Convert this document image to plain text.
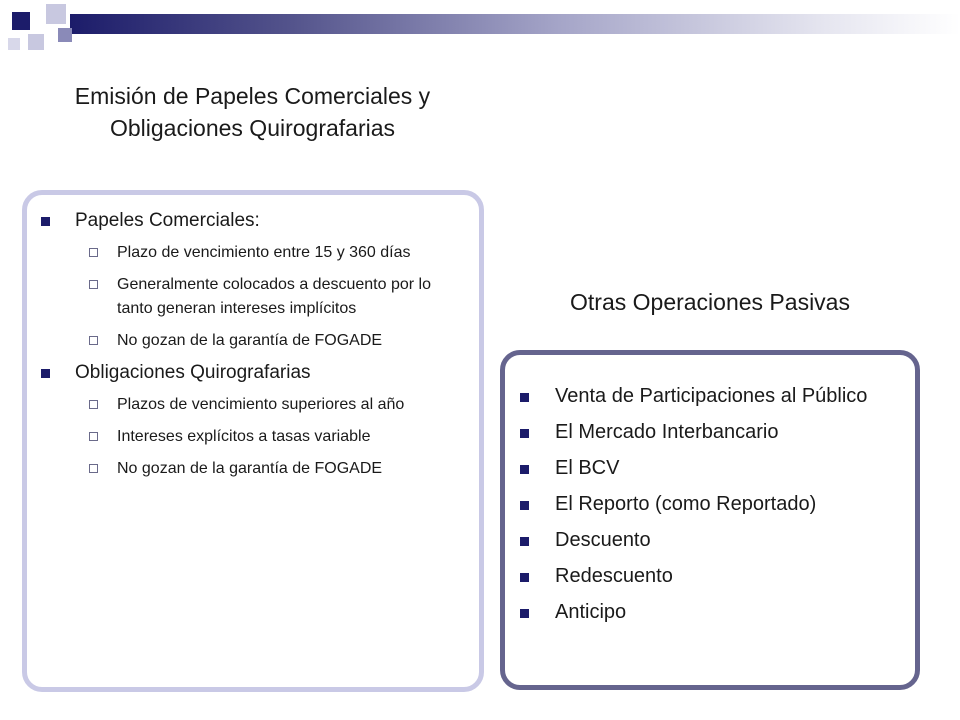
Emisión de Papeles Comerciales y Obligaciones Quirografarias
Papeles Comerciales:
Plazo de vencimiento entre 15 y 360 días
Generalmente colocados a descuento por lo tanto generan intereses implícitos
No gozan de la garantía de FOGADE
Obligaciones Quirografarias
Plazos de vencimiento superiores al año
Intereses explícitos a tasas variable
No gozan de la garantía de FOGADE
Otras Operaciones Pasivas
Venta de Participaciones al Público
El Mercado Interbancario
El BCV
El Reporto (como Reportado)
Descuento
Redescuento
Anticipo
